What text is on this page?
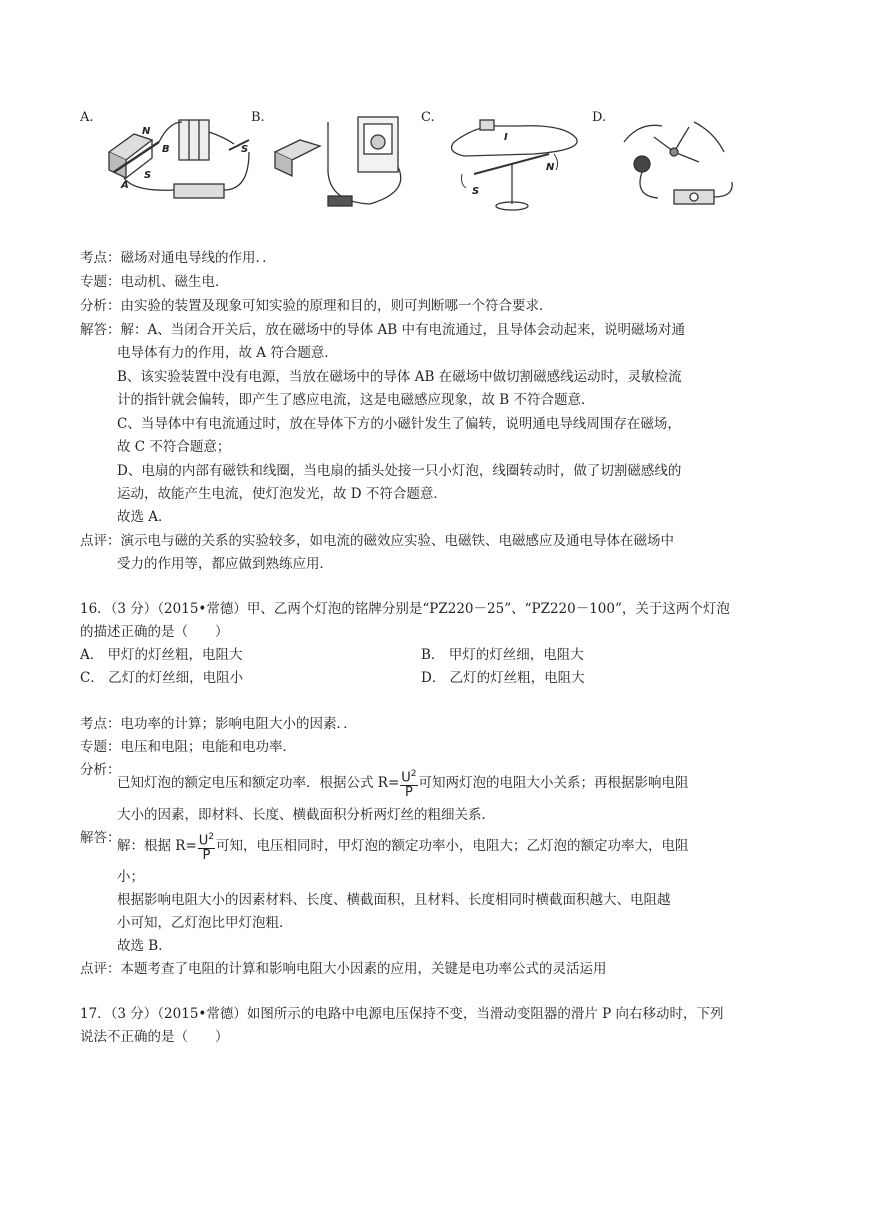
A.	B.	C.	D.
N
B
A
S
S
I
S
N
考点：磁场对通电导线的作用．．
专题：电动机、磁生电．
分析：由实验的装置及现象可知实验的原理和目的，则可判断哪一个符合要求．
解答：解：A、当闭合开关后，放在磁场中的导体 AB 中有电流通过，且导体会动起来，说明磁场对通
电导体有力的作用，故 A 符合题意．
B、该实验装置中没有电源，当放在磁场中的导体 AB 在磁场中做切割磁感线运动时，灵敏检流
计的指针就会偏转，即产生了感应电流，这是电磁感应现象，故 B 不符合题意．
C、当导体中有电流通过时，放在导体下方的小磁针发生了偏转，说明通电导线周围存在磁场，
故 C 不符合题意；
D、电扇的内部有磁铁和线圈，当电扇的插头处接一只小灯泡，线圈转动时，做了切割磁感线的
运动，故能产生电流，使灯泡发光，故 D 不符合题意．
故选 A．
点评：演示电与磁的关系的实验较多，如电流的磁效应实验、电磁铁、电磁感应及通电导体在磁场中
受力的作用等，都应做到熟练应用．
16．（3 分）（2015•常德）甲、乙两个灯泡的铭牌分别是“PZ220－25”、“PZ220－100”，关于这两个灯泡
的描述正确的是（　　）
A． 甲灯的灯丝粗，电阻大	B． 甲灯的灯丝细，电阻大
C． 乙灯的灯丝细，电阻小	D． 乙灯的灯丝粗，电阻大
考点：电功率的计算；影响电阻大小的因素．．
专题：电压和电阻；电能和电功率．
分析：
已知灯泡的额定电压和额定功率．根据公式 $R= \frac{U^2}{P}$ 可知两灯泡的电阻大小关系；再根据影响电阻
大小的因素，即材料、长度、横截面积分析两灯丝的粗细关系．
解答：
解：根据 $R= \frac{U^2}{P}$ 可知，电压相同时，甲灯泡的额定功率小，电阻大；乙灯泡的额定功率大，电阻
小；
根据影响电阻大小的因素材料、长度、横截面积，且材料、长度相同时横截面积越大、电阻越
小可知，乙灯泡比甲灯泡粗．
故选 B．
点评：本题考查了电阻的计算和影响电阻大小因素的应用，关键是电功率公式的灵活运用
17．（3 分）（2015•常德）如图所示的电路中电源电压保持不变，当滑动变阻器的滑片 P 向右移动时，下列
说法不正确的是（　　）
